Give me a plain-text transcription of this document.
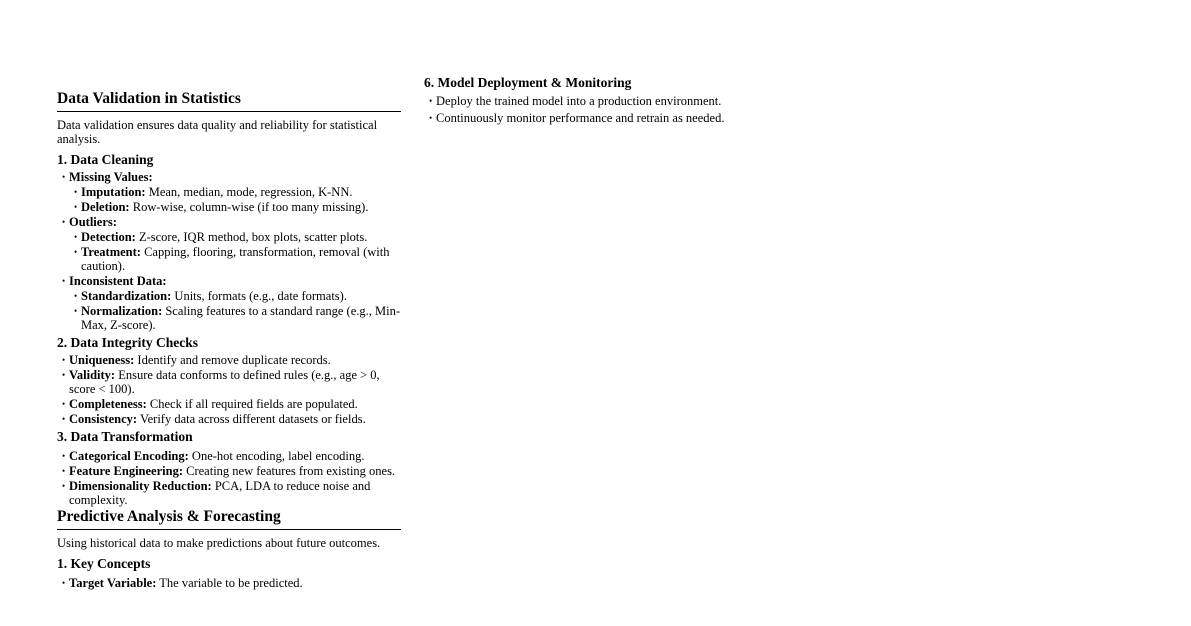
Data Validation in Statistics

Data validation ensures data quality and reliability for statistical analysis.

1. Data Cleaning
• Missing Values:
• Imputation: Mean, median, mode, regression, K-NN.
• Deletion: Row-wise, column-wise (if too many missing).
• Outliers:
• Detection: Z-score, IQR method, box plots, scatter plots.
• Treatment: Capping, flooring, transformation, removal (with caution).
• Inconsistent Data:
• Standardization: Units, formats (e.g., date formats).
• Normalization: Scaling features to a standard range (e.g., Min-Max, Z-score).
2. Data Integrity Checks
• Uniqueness: Identify and remove duplicate records.
• Validity: Ensure data conforms to defined rules (e.g., age > 0, score < 100).
• Completeness: Check if all required fields are populated.
• Consistency: Verify data across different datasets or fields.
3. Data Transformation
• Categorical Encoding: One-hot encoding, label encoding.
• Feature Engineering: Creating new features from existing ones.
• Dimensionality Reduction: PCA, LDA to reduce noise and complexity.
Predictive Analysis & Forecasting

Using historical data to make predictions about future outcomes.

1. Key Concepts
• Target Variable: The variable to be predicted.
6. Model Deployment & Monitoring
• Deploy the trained model into a production environment.
• Continuously monitor performance and retrain as needed.
